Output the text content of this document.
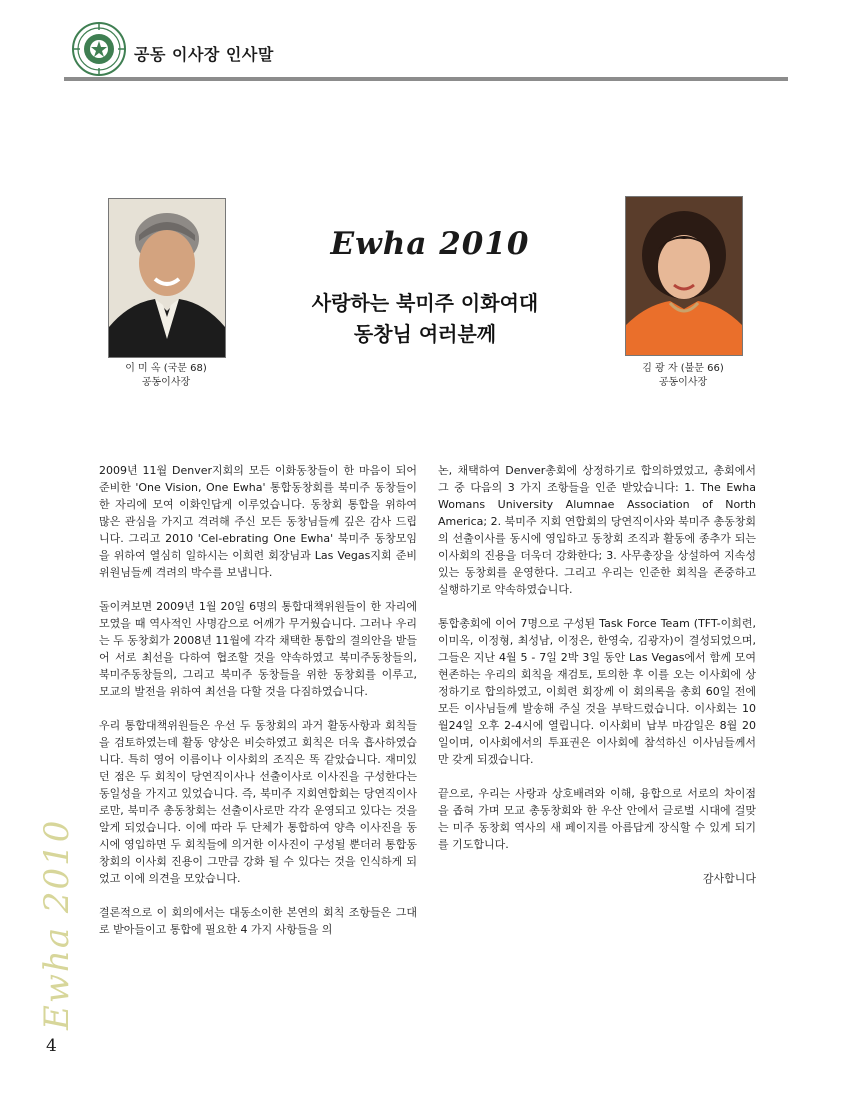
공동 이사장 인사말
이 미 옥 (국문 68)
공동이사장
김 광 자 (불문 66)
공동이사장
Ewha 2010
사랑하는 북미주 이화여대
동창님 여러분께

2009년 11월 Denver지회의 모든 이화동창들이 한 마음이 되어 준비한 'One Vision, One Ewha' 통합동창회를 북미주 동창들이 한 자리에 모여 이화인답게 이루었습니다. 동창회 통합을 위하여 많은 관심을 가지고 격려해 주신 모든 동창님들께 깊은 감사 드립니다. 그리고 2010 'Cel-ebrating One Ewha' 북미주 동창모임을 위하여 열심히 일하시는 이희련 회장님과 Las Vegas지회 준비위원님들께 격려의 박수를 보냅니다.

돌이켜보면 2009년 1월 20일 6명의 통합대책위원들이 한 자리에 모였을 때 역사적인 사명감으로 어깨가 무거웠습니다. 그러나 우리는 두 동창회가 2008년 11월에 각각 채택한 통합의 결의안을 받들어 서로 최선을 다하여 협조할 것을 약속하였고 북미주동창들의, 북미주동창들의, 그리고 북미주 동창들을 위한 동창회를 이루고, 모교의 발전을 위하여 최선을 다할 것을 다짐하였습니다.

우리 통합대책위원들은 우선 두 동창회의 과거 활동사항과 회칙들을 검토하였는데 활동 양상은 비슷하였고 회칙은 더욱 흡사하였습니다. 특히 영어 이름이나 이사회의 조직은 똑 같았습니다. 재미있던 점은 두 회칙이 당연직이사나 선출이사로 이사진을 구성한다는 동일성을 가지고 있었습니다. 즉, 북미주 지회연합회는 당연직이사로만, 북미주 총동창회는 선출이사로만 각각 운영되고 있다는 것을 알게 되었습니다. 이에 따라 두 단체가 통합하여 양측 이사진을 동시에 영입하면 두 회칙들에 의거한 이사진이 구성될 뿐더러 통합동창회의 이사회 진용이 그만큼 강화 될 수 있다는 것을 인식하게 되었고 이에 의견을 모았습니다.

결론적으로 이 회의에서는 대동소이한 본연의 회칙 조항들은 그대로 받아들이고 통합에 필요한 4 가지 사항들을 의

논, 채택하여 Denver총회에 상정하기로 합의하였었고, 총회에서 그 중 다음의 3 가지 조항들을 인준 받았습니다: 1. The Ewha Womans University Alumnae Association of North America; 2. 북미주 지회 연합회의 당연직이사와 북미주 총동창회의 선출이사를 동시에 영입하고 동창회 조직과 활동에 종추가 되는 이사회의 진용을 더욱더 강화한다; 3. 사무총장을 상설하여 지속성 있는 동창회를 운영한다. 그리고 우리는 인준한 회칙을 존중하고 실행하기로 약속하였습니다.

통합총회에 이어 7명으로 구성된 Task Force Team (TFT-이희련, 이미옥, 이정형, 최성남, 이정은, 한영숙, 김광자)이 결성되었으며, 그들은 지난 4월 5 - 7일 2박 3일 동안 Las Vegas에서 함께 모여 현존하는 우리의 회칙을 재검토, 토의한 후 이를 오는 이사회에 상정하기로 합의하였고, 이희련 회장께 이 회의록을 총회 60일 전에 모든 이사님들께 발송해 주실 것을 부탁드렸습니다. 이사회는 10월24일 오후 2-4시에 열립니다. 이사회비 납부 마감일은 8월 20일이며, 이사회에서의 투표권은 이사회에 참석하신 이사님들께서만 갖게 되겠습니다.

끝으로, 우리는 사랑과 상호배려와 이해, 융합으로 서로의 차이점을 좁혀 가며 모교 총동창회와 한 우산 안에서 글로벌 시대에 걸맞는 미주 동창회 역사의 새 페이지를 아름답게 장식할 수 있게 되기를 기도합니다.

감사합니다

Ewha 2010
4
